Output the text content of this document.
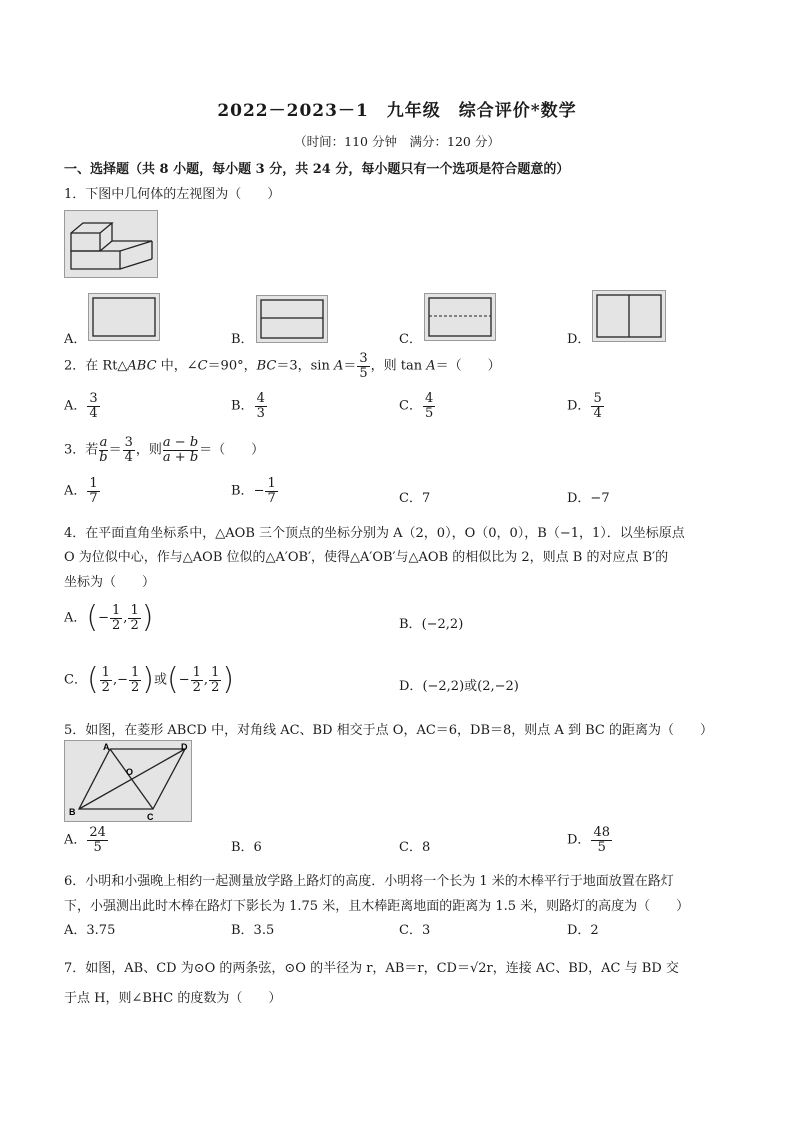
2022－2023－1　九年级　综合评价*数学
（时间：110 分钟　满分：120 分）
一、选择题（共 8 小题，每小题 3 分，共 24 分，每小题只有一个选项是符合题意的）
1．下图中几何体的左视图为（　　）
A．	B．	C．	D．
2．在 Rt△ABC 中，∠C＝90°，BC＝3，$\sin A= \frac{3}{5}$ ，则 tan A＝（　　）
A． $\frac{3}{4}$	B． $\frac{4}{3}$	C． $\frac{4}{5}$	D． $\frac{5}{4}$
3．若 $\frac{a}{b} = \frac{3}{4}$ ，则 $\frac{a - b}{a + b}$ ＝（　　）
A． $\frac{1}{7}$	B．− $\frac{1}{7}$	C．7	D．−7
4．在平面直角坐标系中，△AOB 三个顶点的坐标分别为 A（2，0），O（0，0），B（−1，1）．以坐标原点
O 为位似中心，作与△AOB 位似的△A′OB′，使得△A′OB′与△AOB 的相似比为 2，则点 B 的对应点 B′的
坐标为（　　）
A．(− $\frac{1}{2}$ , $\frac{1}{2}$ )	B．(−2,2)
C．( $\frac{1}{2}$ ,− $\frac{1}{2}$ )或(− $\frac{1}{2}$ , $\frac{1}{2}$ )	D．(−2,2)或(2,−2)
5．如图，在菱形 ABCD 中，对角线 AC、BD 相交于点 O，AC＝6，DB＝8，则点 A 到 BC 的距离为（　　）
A	D
B	C
O
A． $\frac{24}{5}$	B．6	C．8	D． $\frac{48}{5}$
6．小明和小强晚上相约一起测量放学路上路灯的高度．小明将一个长为 1 米的木棒平行于地面放置在路灯
下，小强测出此时木棒在路灯下影长为 1.75 米，且木棒距离地面的距离为 1.5 米，则路灯的高度为（　　）
A．3.75	B．3.5	C．3	D．2
7．如图，AB、CD 为⊙O 的两条弦，⊙O 的半径为 r，AB＝r，CD＝√2r，连接 AC、BD，AC 与 BD 交
于点 H，则∠BHC 的度数为（　　）
